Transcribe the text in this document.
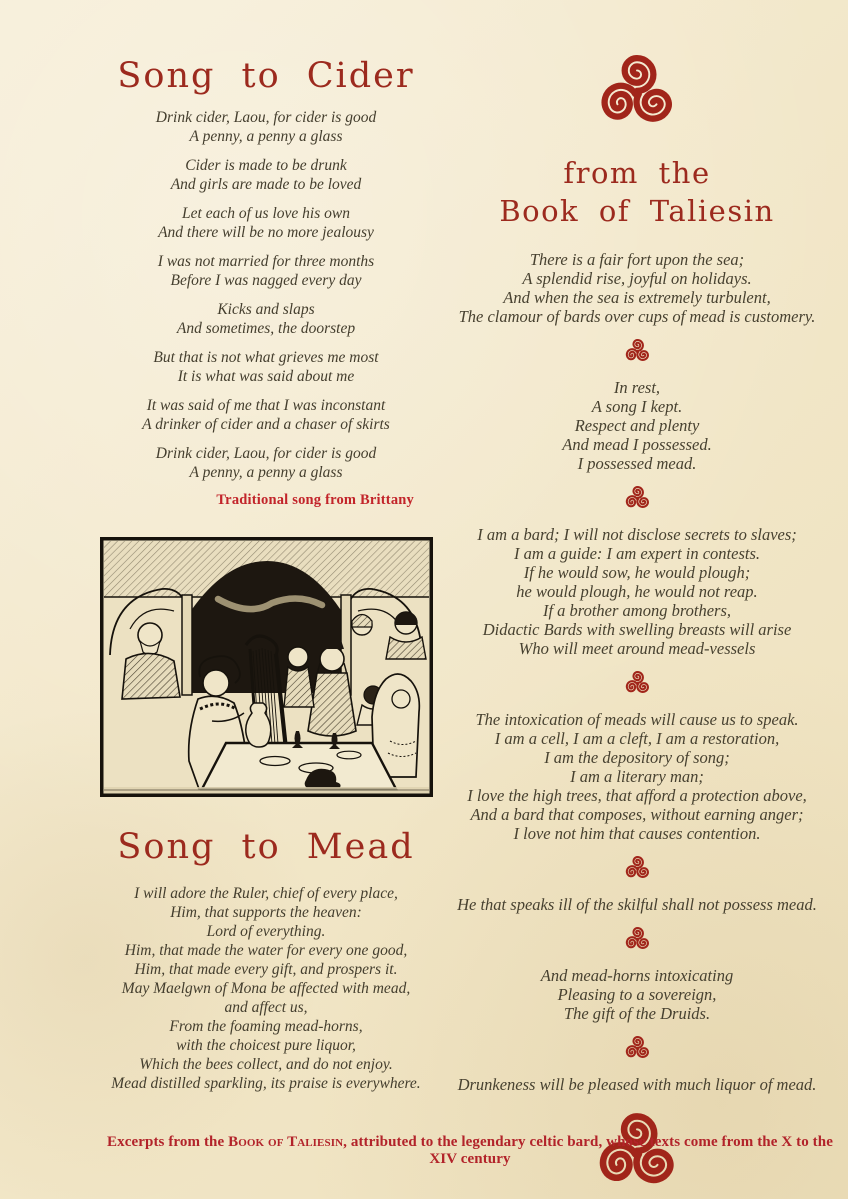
Song to Cider
Drink cider, Laou, for cider is good
A penny, a penny a glass
Cider is made to be drunk
And girls are made to be loved
Let each of us love his own
And there will be no more jealousy
I was not married for three months
Before I was nagged every day
Kicks and slaps
And sometimes, the doorstep
But that is not what grieves me most
It is what was said about me
It was said of me that I was inconstant
A drinker of cider and a chaser of skirts
Drink cider, Laou, for cider is good
A penny, a penny a glass
Traditional song from Brittany
Song to Mead
I will adore the Ruler, chief of every place,
Him, that supports the heaven:
Lord of everything.
Him, that made the water for every one good,
Him, that made every gift, and prospers it.
May Maelgwn of Mona be affected with mead,
and affect us,
From the foaming mead-horns,
with the choicest pure liquor,
Which the bees collect, and do not enjoy.
Mead distilled sparkling, its praise is everywhere.
from the
Book of Taliesin
There is a fair fort upon the sea;
A splendid rise, joyful on holidays.
And when the sea is extremely turbulent,
The clamour of bards over cups of mead is customery.
In rest,
A song I kept.
Respect and plenty
And mead I possessed.
I possessed mead.
I am a bard; I will not disclose secrets to slaves;
I am a guide: I am expert in contests.
If he would sow, he would plough;
he would plough, he would not reap.
If a brother among brothers,
Didactic Bards with swelling breasts will arise
Who will meet around mead-vessels
The intoxication of meads will cause us to speak.
I am a cell, I am a cleft, I am a restoration,
I am the depository of song;
I am a literary man;
I love the high trees, that afford a protection above,
And a bard that composes, without earning anger;
I love not him that causes contention.
He that speaks ill of the skilful shall not possess mead.
And mead-horns intoxicating
Pleasing to a sovereign,
The gift of the Druids.
Drunkeness will be pleased with much liquor of mead.
Excerpts from the Book of Taliesin, attributed to the legendary celtic bard, whose texts come from the X to the XIV century
